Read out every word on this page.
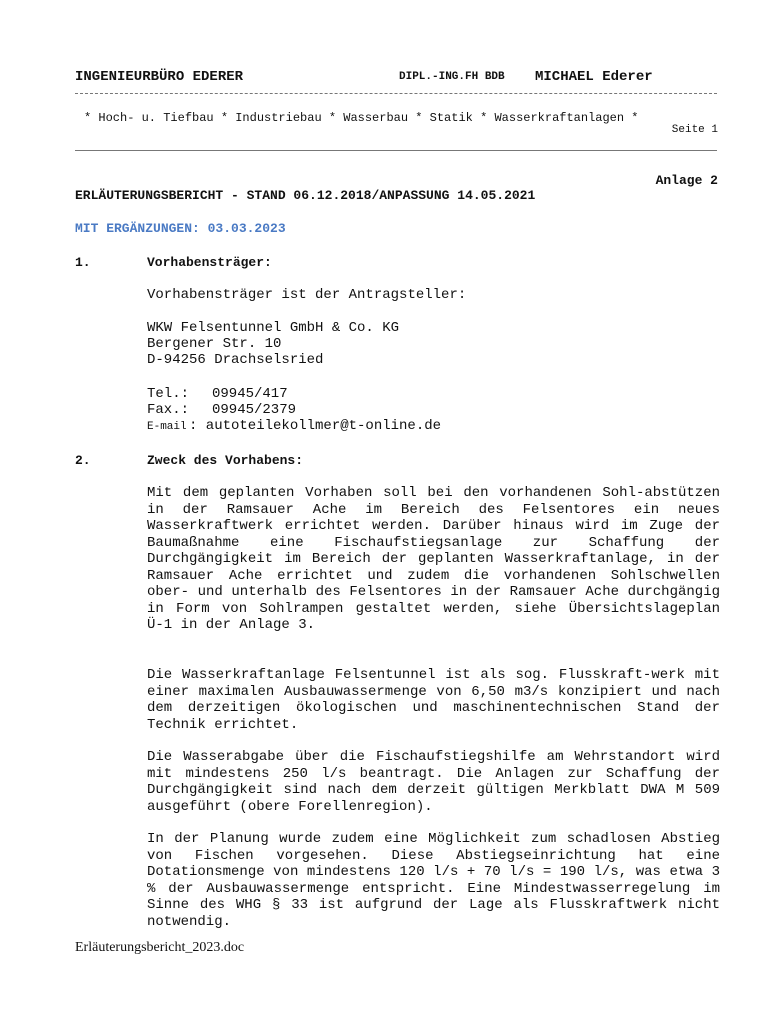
INGENIEURBÜRO EDERER	DIPL.-ING.FH BDB MICHAEL Ederer
* Hoch- u. Tiefbau * Industriebau * Wasserbau * Statik * Wasserkraftanlagen *
Seite 1
Anlage 2
ERLÄUTERUNGSBERICHT - STAND 06.12.2018/ANPASSUNG 14.05.2021
MIT ERGÄNZUNGEN: 03.03.2023
1.	Vorhabensträger:
Vorhabensträger ist der Antragsteller:
WKW Felsentunnel GmbH & Co. KG
Bergener Str. 10
D-94256 Drachselsried
Tel.: 09945/417
Fax.: 09945/2379
E-mail : autoteilekollmer@t-online.de
2.	Zweck des Vorhabens:

Mit dem geplanten Vorhaben soll bei den vorhandenen Sohl-abstützen in der Ramsauer Ache im Bereich des Felsentores ein neues Wasserkraftwerk errichtet werden. Darüber hinaus wird im Zuge der Baumaßnahme eine Fischaufstiegsanlage zur Schaffung der Durchgängigkeit im Bereich der geplanten Wasserkraftanlage, in der Ramsauer Ache errichtet und zudem die vorhandenen Sohlschwellen ober- und unterhalb des Felsentores in der Ramsauer Ache durchgängig in Form von Sohlrampen gestaltet werden, siehe Übersichtslageplan Ü-1 in der Anlage 3.

Die Wasserkraftanlage Felsentunnel ist als sog. Flusskraft-werk mit einer maximalen Ausbauwassermenge von 6,50 m3/s konzipiert und nach dem derzeitigen ökologischen und maschinentechnischen Stand der Technik errichtet.

Die Wasserabgabe über die Fischaufstiegshilfe am Wehrstandort wird mit mindestens 250 l/s beantragt. Die Anlagen zur Schaffung der Durchgängigkeit sind nach dem derzeit gültigen Merkblatt DWA M 509 ausgeführt (obere Forellenregion).

In der Planung wurde zudem eine Möglichkeit zum schadlosen Abstieg von Fischen vorgesehen. Diese Abstiegseinrichtung hat eine Dotationsmenge von mindestens 120 l/s + 70 l/s = 190 l/s, was etwa 3 % der Ausbauwassermenge entspricht. Eine Mindestwasserregelung im Sinne des WHG § 33 ist aufgrund der Lage als Flusskraftwerk nicht notwendig.

Erläuterungsbericht_2023.doc
